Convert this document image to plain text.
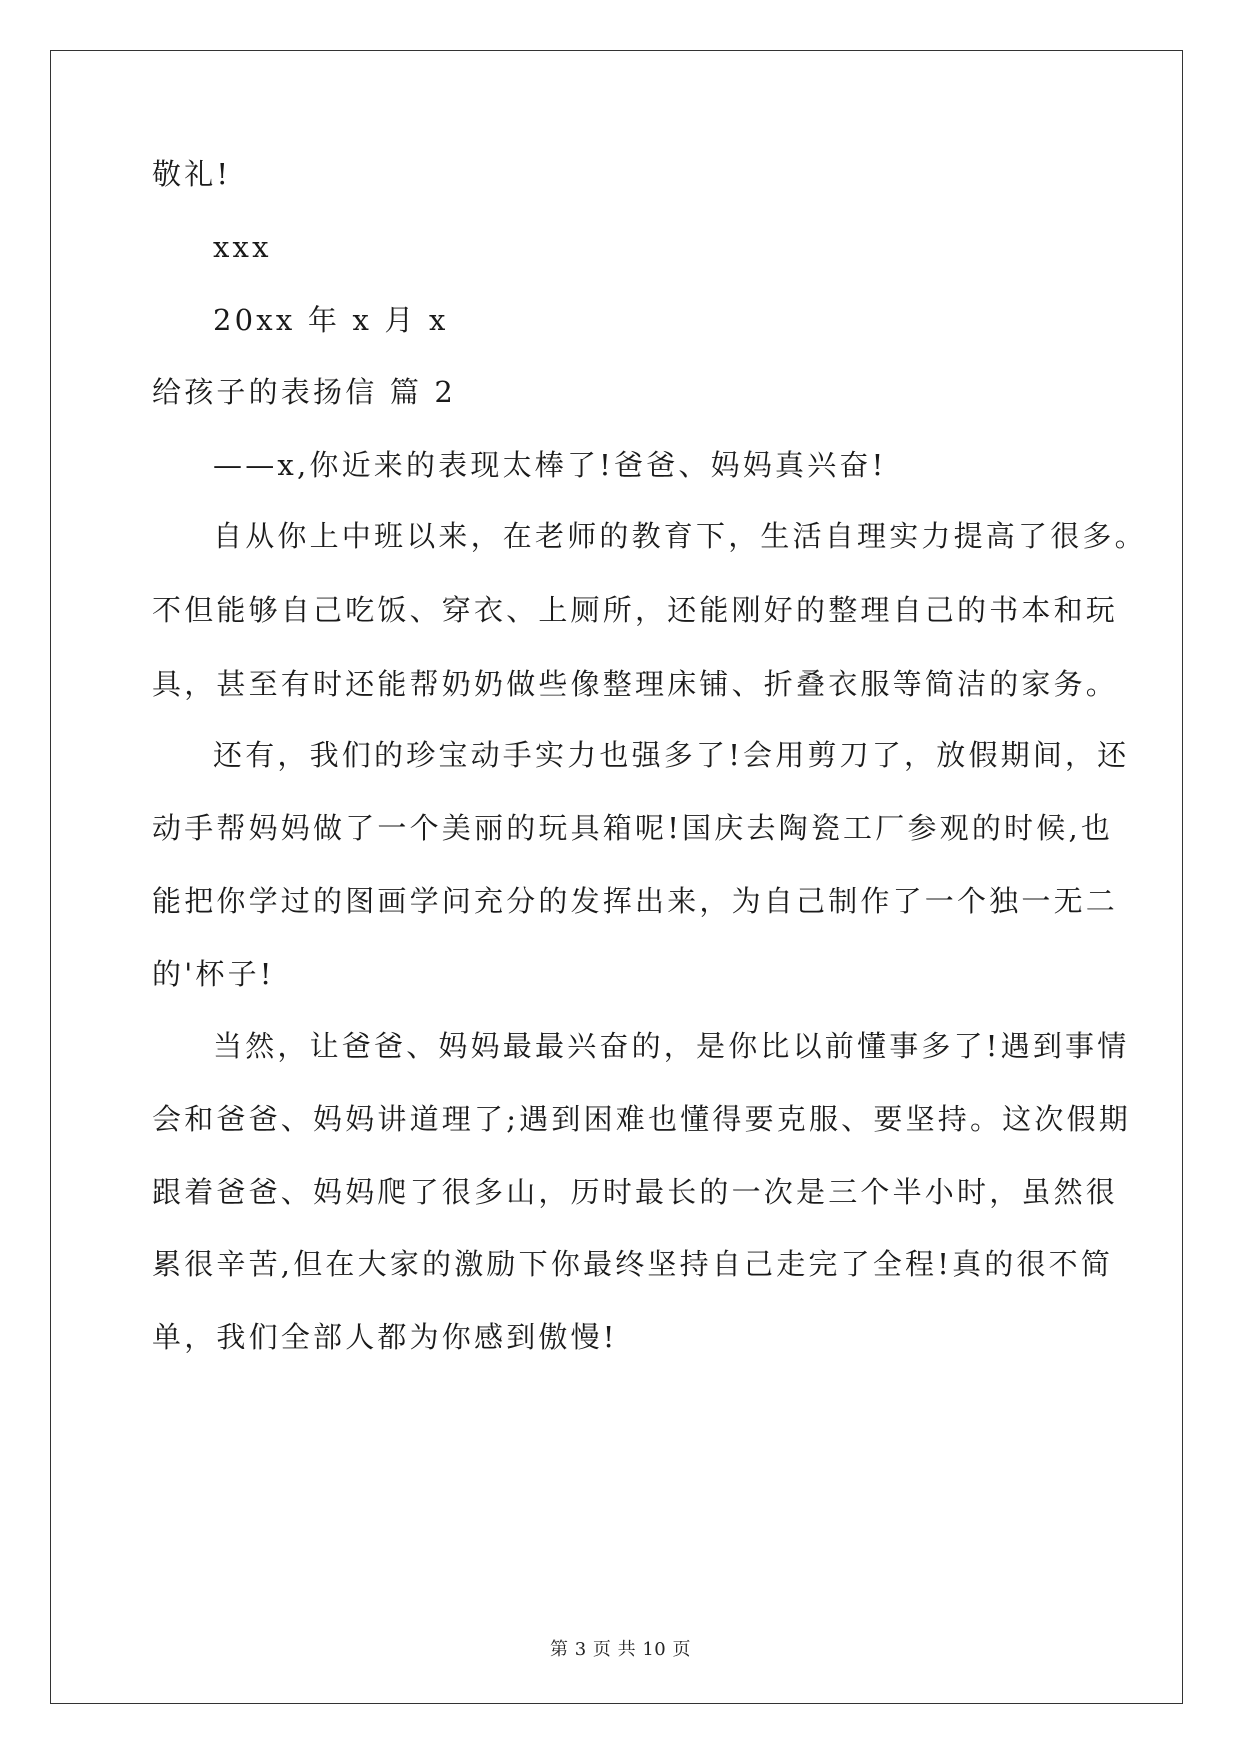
敬礼!
xxx
20xx 年 x 月 x
给孩子的表扬信 篇 2
——x,你近来的表现太棒了!爸爸、妈妈真兴奋!
自从你上中班以来，在老师的教育下，生活自理实力提高了很多。
不但能够自己吃饭、穿衣、上厕所，还能刚好的整理自己的书本和玩
具，甚至有时还能帮奶奶做些像整理床铺、折叠衣服等简洁的家务。
还有，我们的珍宝动手实力也强多了!会用剪刀了，放假期间，还
动手帮妈妈做了一个美丽的玩具箱呢!国庆去陶瓷工厂参观的时候,也
能把你学过的图画学问充分的发挥出来，为自己制作了一个独一无二
的'杯子!
当然，让爸爸、妈妈最最兴奋的，是你比以前懂事多了!遇到事情
会和爸爸、妈妈讲道理了;遇到困难也懂得要克服、要坚持。这次假期
跟着爸爸、妈妈爬了很多山，历时最长的一次是三个半小时，虽然很
累很辛苦,但在大家的激励下你最终坚持自己走完了全程!真的很不简
单，我们全部人都为你感到傲慢!
第 3 页 共 10 页
